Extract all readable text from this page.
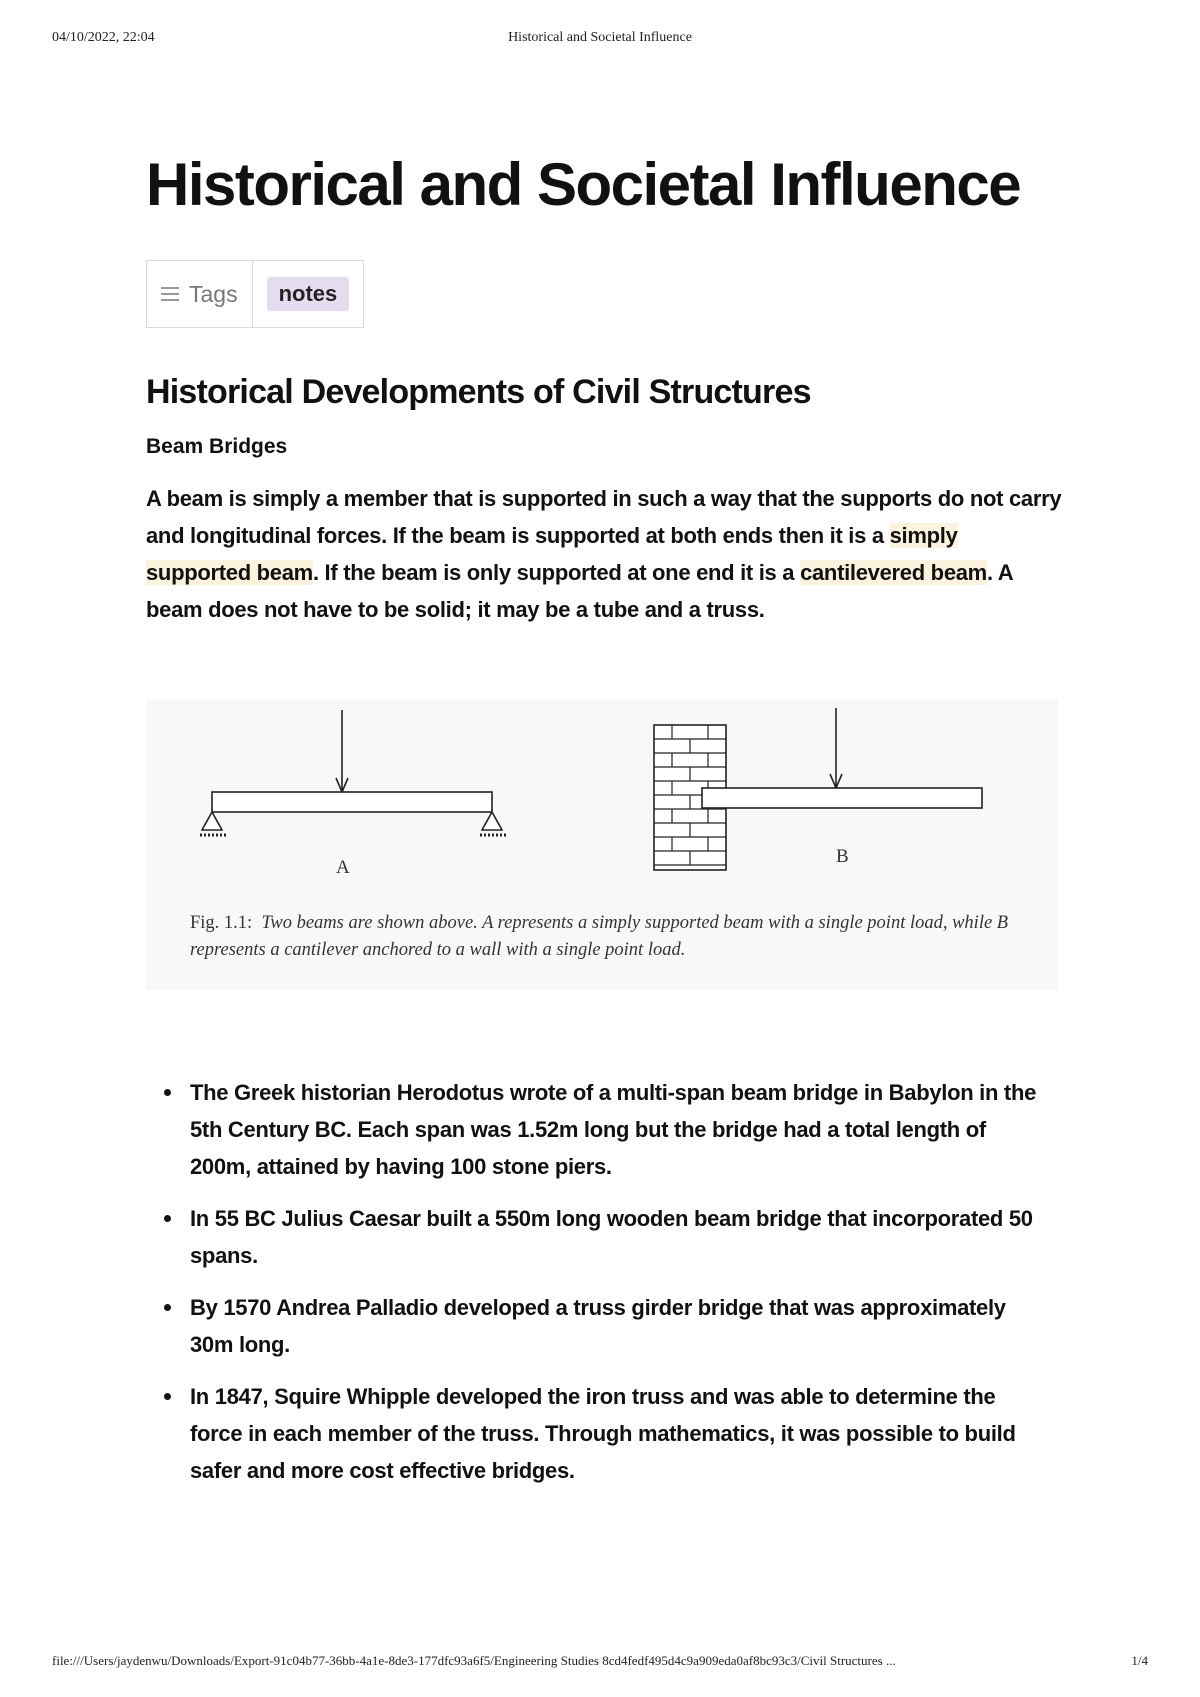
04/10/2022, 22:04	Historical and Societal Influence
Historical and Societal Influence
Tags	notes
Historical Developments of Civil Structures
Beam Bridges

A beam is simply a member that is supported in such a way that the supports do not carry and longitudinal forces. If the beam is supported at both ends then it is a simply supported beam. If the beam is only supported at one end it is a cantilevered beam. A beam does not have to be solid; it may be a tube and a truss.

A
B
Fig. 1.1: Two beams are shown above. A represents a simply supported beam with a single point load, while B represents a cantilever anchored to a wall with a single point load.
The Greek historian Herodotus wrote of a multi-span beam bridge in Babylon in the 5th Century BC. Each span was 1.52m long but the bridge had a total length of 200m, attained by having 100 stone piers.
In 55 BC Julius Caesar built a 550m long wooden beam bridge that incorporated 50 spans.
By 1570 Andrea Palladio developed a truss girder bridge that was approximately 30m long.
In 1847, Squire Whipple developed the iron truss and was able to determine the force in each member of the truss. Through mathematics, it was possible to build safer and more cost effective bridges.
file:///Users/jaydenwu/Downloads/Export-91c04b77-36bb-4a1e-8de3-177dfc93a6f5/Engineering Studies 8cd4fedf495d4c9a909eda0af8bc93c3/Civil Structures ...	1/4
